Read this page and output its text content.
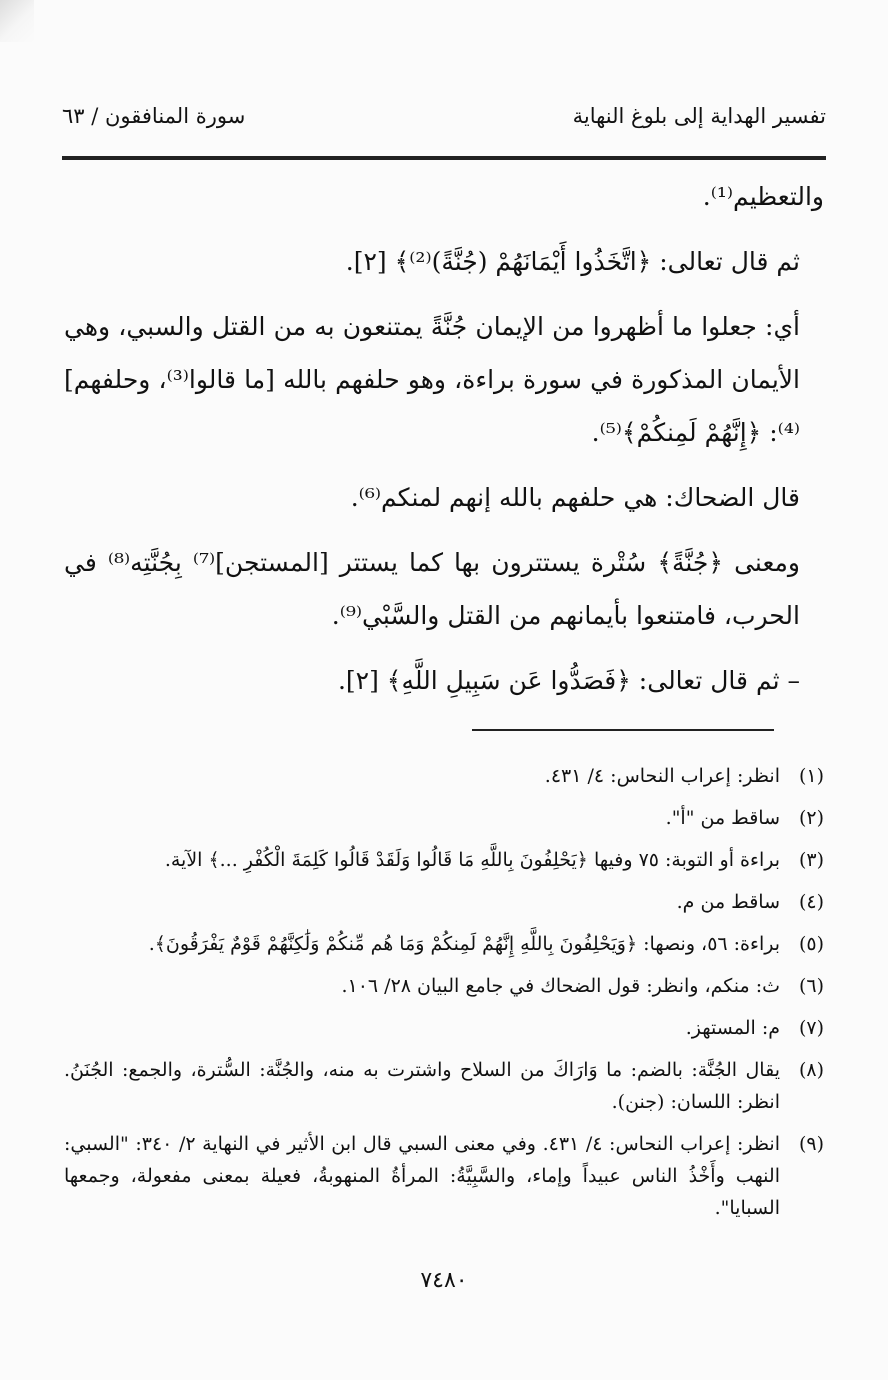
تفسير الهداية إلى بلوغ النهاية
سورة المنافقون / ٦٣

والتعظيم⁽¹⁾.

ثم قال تعالى: ﴿اتَّخَذُوا أَيْمَانَهُمْ (جُنَّةً)⁽²⁾﴾ [٢].

أي: جعلوا ما أظهروا من الإيمان جُنَّةً يمتنعون به من القتل والسبي، وهي الأيمان المذكورة في سورة براءة، وهو حلفهم بالله [ما قالوا⁽³⁾، وحلفهم]⁽⁴⁾: ﴿إِنَّهُمْ لَمِنكُمْ﴾⁽⁵⁾.

قال الضحاك: هي حلفهم بالله إنهم لمنكم⁽⁶⁾.

ومعنى ﴿جُنَّةً﴾ سُتْرة يستترون بها كما يستتر [المستجن]⁽⁷⁾ بِجُنَّتِه⁽⁸⁾ في الحرب، فامتنعوا بأيمانهم من القتل والسَّبْي⁽⁹⁾.

– ثم قال تعالى: ﴿فَصَدُّوا عَن سَبِيلِ اللَّهِ﴾ [٢].

(١)
انظر: إعراب النحاس: ٤/ ٤٣١.
(٢)
ساقط من "أ".
(٣)
براءة أو التوبة: ٧٥ وفيها ﴿يَحْلِفُونَ بِاللَّهِ مَا قَالُوا وَلَقَدْ قَالُوا كَلِمَةَ الْكُفْرِ ...﴾ الآية.
(٤)
ساقط من م.
(٥)
براءة: ٥٦، ونصها: ﴿وَيَحْلِفُونَ بِاللَّهِ إِنَّهُمْ لَمِنكُمْ وَمَا هُم مِّنكُمْ وَلَٰكِنَّهُمْ قَوْمٌ يَفْرَقُونَ﴾.
(٦)
ث: منكم، وانظر: قول الضحاك في جامع البيان ٢٨/ ١٠٦.
(٧)
م: المستهز.
(٨)
يقال الجُنَّة: بالضم: ما وَارَاكَ من السلاح واشترت به منه، والجُنَّة: السُّترة، والجمع: الجُنَنُ. انظر: اللسان: (جنن).
(٩)
انظر: إعراب النحاس: ٤/ ٤٣١. وفي معنى السبي قال ابن الأثير في النهاية ٢/ ٣٤٠: "السبي: النهب وأَخْذُ الناس عبيداً وإماء، والسَّبِيَّةُ: المرأةُ المنهوبةُ، فعيلة بمعنى مفعولة، وجمعها السبايا".
٧٤٨٠
